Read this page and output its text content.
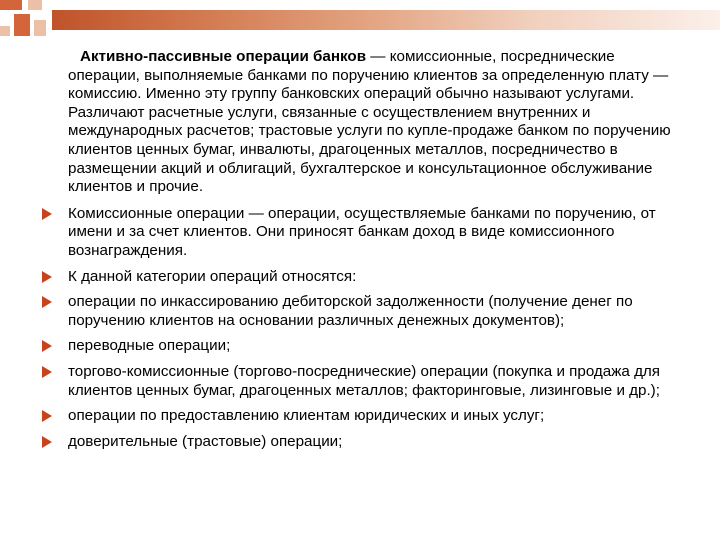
Активно-пассивные операции банков — комиссионные, посреднические операции, выполняемые банками по поручению клиентов за определенную плату — комиссию. Именно эту группу банковских операций обычно называют услугами. Различают расчетные услуги, связанные с осуществлением внутренних и международных расчетов; трастовые услуги по купле-продаже банком по поручению клиентов ценных бумаг, инвалюты, драгоценных металлов, посредничество в размещении акций и облигаций, бухгалтерское и консультационное обслуживание клиентов и прочие.

Комиссионные операции — операции, осуществляемые банками по поручению, от имени и за счет клиентов. Они приносят банкам доход в виде комиссионного вознаграждения.
К данной категории операций относятся:
операции по инкассированию дебиторской задолженности (получение денег по поручению клиентов на основании различных денежных документов);
переводные операции;
торгово-комиссионные (торгово-посреднические) операции (покупка и продажа для клиентов ценных бумаг, драгоценных металлов; факторинговые, лизинговые и др.);
операции по предоставлению клиентам юридических и иных услуг;
доверительные (трастовые) операции;
